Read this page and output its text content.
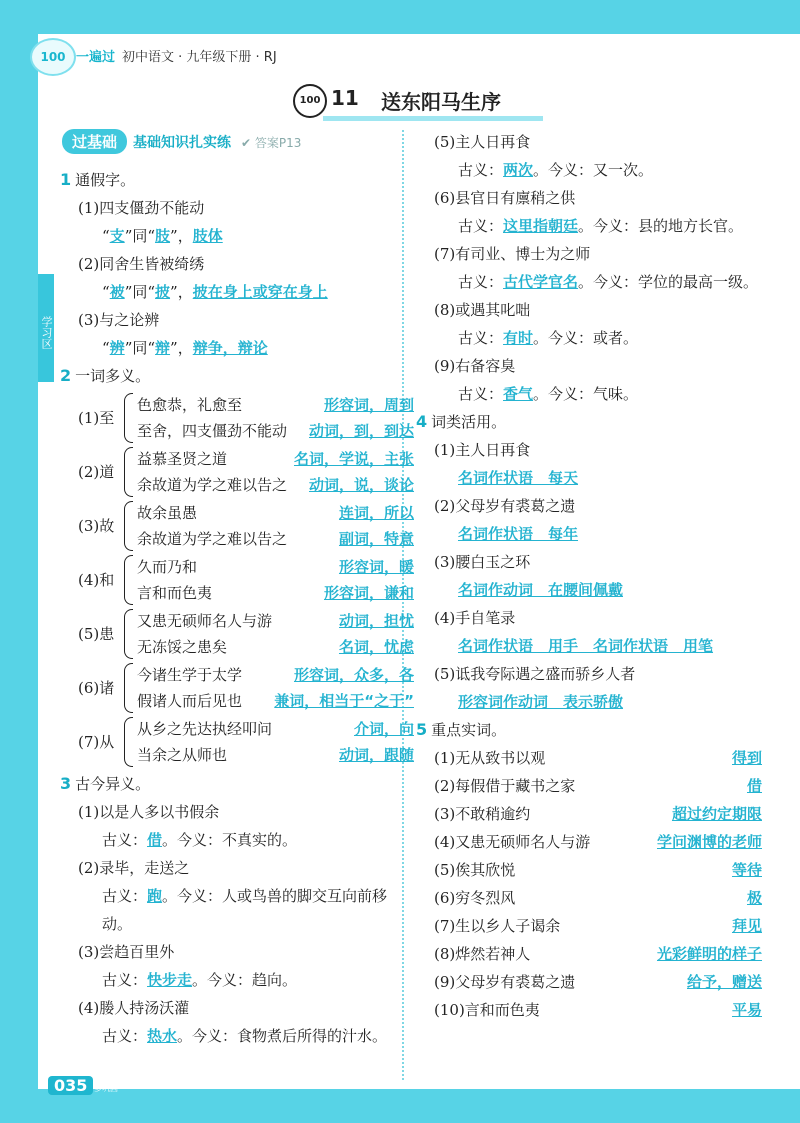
100 一遍过 初中语文 · 九年级下册 · RJ
100 11 送东阳马生序
学习区
过基础 基础知识扎实练 ✔ 答案P13
1 通假字。
(1)四支僵劲不能动
“支”同“肢”，肢体
(2)同舍生皆被绮绣
“被”同“披”，披在身上或穿在身上
(3)与之论辨
“辨”同“辩”，辩争，辩论
2 一词多义。
(1)至
色愈恭，礼愈至	形容词，周到
至舍，四支僵劲不能动 动词，到，到达
(2)道
益慕圣贤之道	名词，学说，主张
余故道为学之难以告之 动词，说，谈论
(3)故
故余虽愚	连词，所以
余故道为学之难以告之	副词，特意
(4)和
久而乃和	形容词，暖
言和而色夷	形容词，谦和
(5)患
又患无硕师名人与游	动词，担忧
无冻馁之患矣	名词，忧虑
(6)诸
今诸生学于太学	形容词，众多，各
假诸人而后见也 兼词，相当于“之于”
(7)从
从乡之先达执经叩问	介词，向
当余之从师也	动词，跟随
3 古今异义。
(1)以是人多以书假余
古义：借。今义：不真实的。
(2)录毕，走送之
古义：跑。今义：人或鸟兽的脚交互向前移动。
(3)尝趋百里外
古义：快步走。今义：趋向。
(4)媵人持汤沃灌
古义：热水。今义：食物煮后所得的汁水。
(5)主人日再食
古义：两次。今义：又一次。
(6)县官日有廪稍之供
古义：这里指朝廷。今义：县的地方长官。
(7)有司业、博士为之师
古义：古代学官名。今义：学位的最高一级。
(8)或遇其叱咄
古义：有时。今义：或者。
(9)右备容臭
古义：香气。今义：气味。
4 词类活用。
(1)主人日再食
名词作状语　每天
(2)父母岁有裘葛之遗
名词作状语　每年
(3)腰白玉之环
名词作动词　在腰间佩戴
(4)手自笔录
名词作状语　用手　名词作状语　用笔
(5)诋我夸际遇之盛而骄乡人者
形容词作动词　表示骄傲
5 重点实词。
(1)无从致书以观	得到
(2)每假借于藏书之家	借
(3)不敢稍逾约	超过约定期限
(4)又患无硕师名人与游	学问渊博的老师
(5)俟其欣悦	等待
(6)穷冬烈风	极
(7)生以乡人子谒余	拜见
(8)烨然若神人	光彩鲜明的样子
(9)父母岁有裘葛之遗	给予，赠送
(10)言和而色夷	平易
035 上课认真听 下课多巩固
